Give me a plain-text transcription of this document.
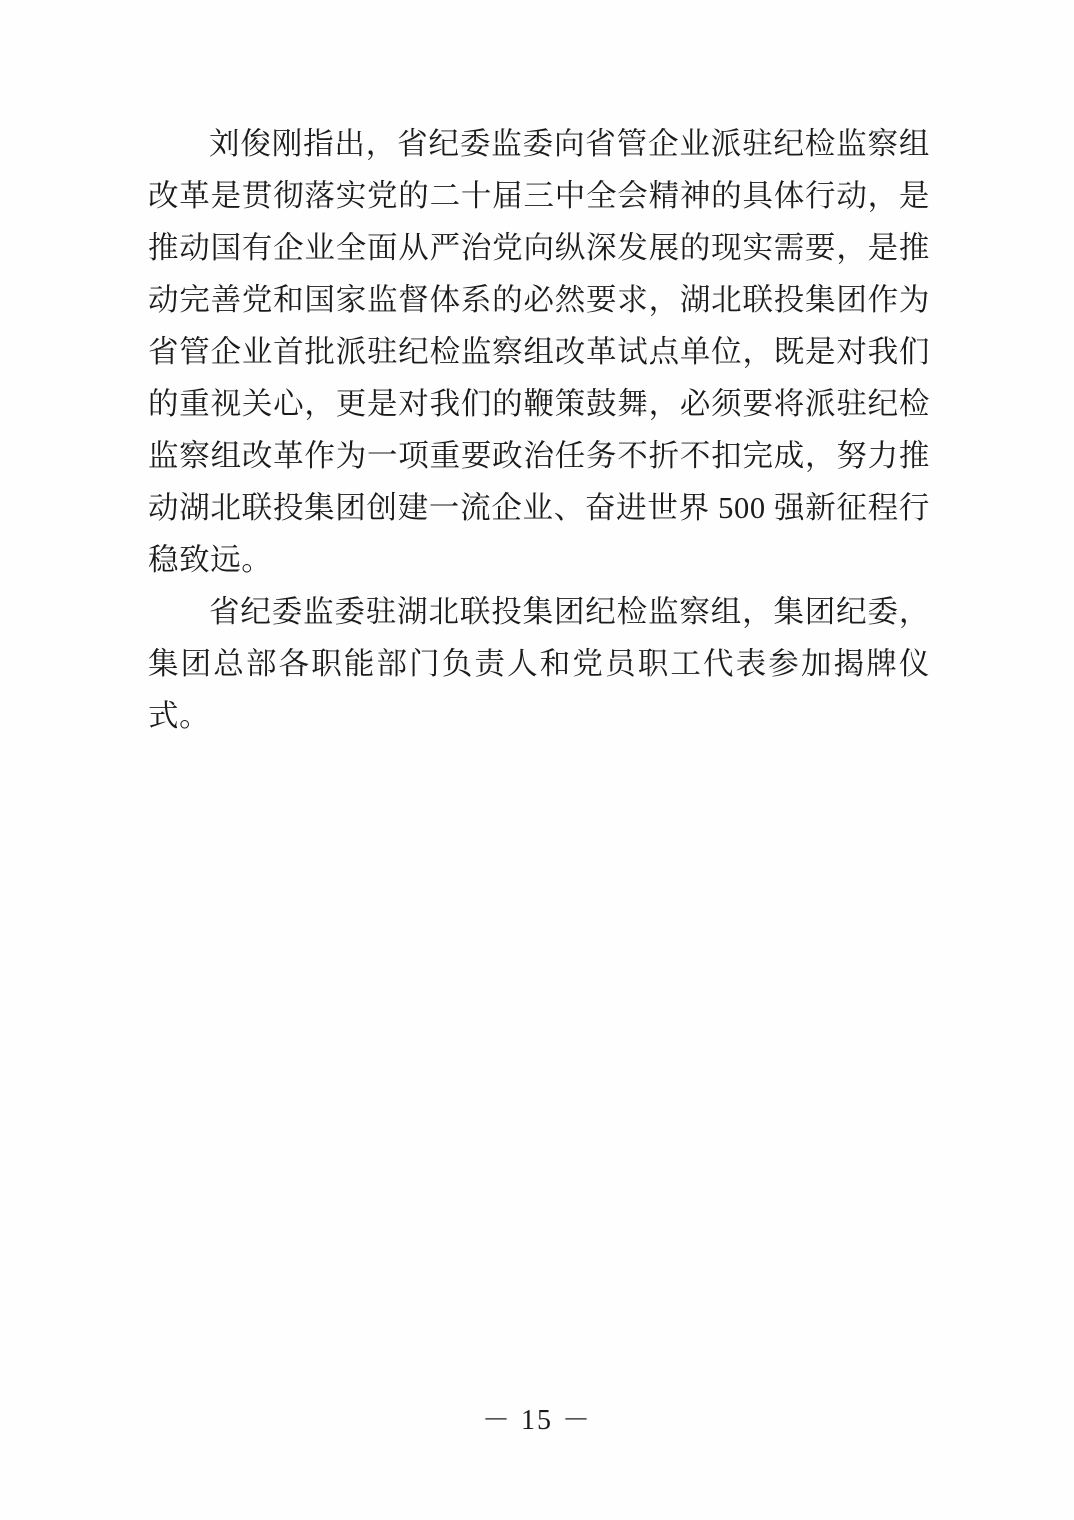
刘俊刚指出，省纪委监委向省管企业派驻纪检监察组改革是贯彻落实党的二十届三中全会精神的具体行动，是推动国有企业全面从严治党向纵深发展的现实需要，是推动完善党和国家监督体系的必然要求，湖北联投集团作为省管企业首批派驻纪检监察组改革试点单位，既是对我们的重视关心，更是对我们的鞭策鼓舞，必须要将派驻纪检监察组改革作为一项重要政治任务不折不扣完成，努力推动湖北联投集团创建一流企业、奋进世界 500 强新征程行稳致远。

省纪委监委驻湖北联投集团纪检监察组，集团纪委，集团总部各职能部门负责人和党员职工代表参加揭牌仪式。

－ 15 －
